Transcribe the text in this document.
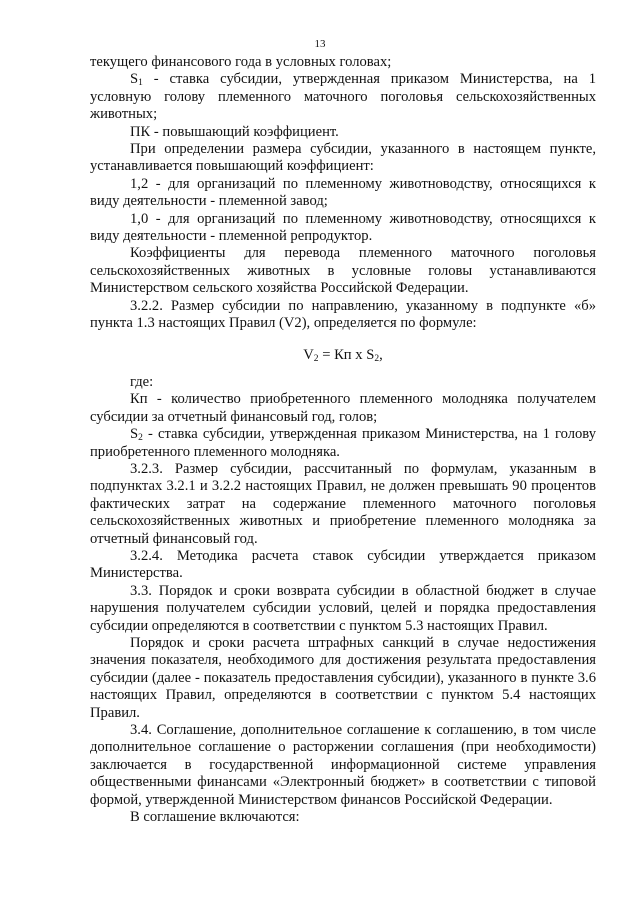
13

текущего финансового года в условных головах;

$S_1$ - ставка субсидии, утвержденная приказом Министерства, на 1 условную голову племенного маточного поголовья сельскохозяйственных животных;

ПК - повышающий коэффициент.

При определении размера субсидии, указанного в настоящем пункте, устанавливается повышающий коэффициент:

1,2 - для организаций по племенному животноводству, относящихся к виду деятельности - племенной завод;

1,0 - для организаций по племенному животноводству, относящихся к виду деятельности - племенной репродуктор.

Коэффициенты для перевода племенного маточного поголовья сельскохозяйственных животных в условные головы устанавливаются Министерством сельского хозяйства Российской Федерации.

3.2.2. Размер субсидии по направлению, указанному в подпункте «б» пункта 1.3 настоящих Правил (V2), определяется по формуле:

$V_2$ = Кп х $S_2$,

где:

Кп - количество приобретенного племенного молодняка получателем субсидии за отчетный финансовый год, голов;

$S_2$ - ставка субсидии, утвержденная приказом Министерства, на 1 голову приобретенного племенного молодняка.

3.2.3. Размер субсидии, рассчитанный по формулам, указанным в подпунктах 3.2.1 и 3.2.2 настоящих Правил, не должен превышать 90 процентов фактических затрат на содержание племенного маточного поголовья сельскохозяйственных животных и приобретение племенного молодняка за отчетный финансовый год.

3.2.4. Методика расчета ставок субсидии утверждается приказом Министерства.

3.3. Порядок и сроки возврата субсидии в областной бюджет в случае нарушения получателем субсидии условий, целей и порядка предоставления субсидии определяются в соответствии с пунктом 5.3 настоящих Правил.

Порядок и сроки расчета штрафных санкций в случае недостижения значения показателя, необходимого для достижения результата предоставления субсидии (далее - показатель предоставления субсидии), указанного в пункте 3.6 настоящих Правил, определяются в соответствии с пунктом 5.4 настоящих Правил.

3.4. Соглашение, дополнительное соглашение к соглашению, в том числе дополнительное соглашение о расторжении соглашения (при необходимости) заключается в государственной информационной системе управления общественными финансами «Электронный бюджет» в соответствии с типовой формой, утвержденной Министерством финансов Российской Федерации.

В соглашение включаются:
